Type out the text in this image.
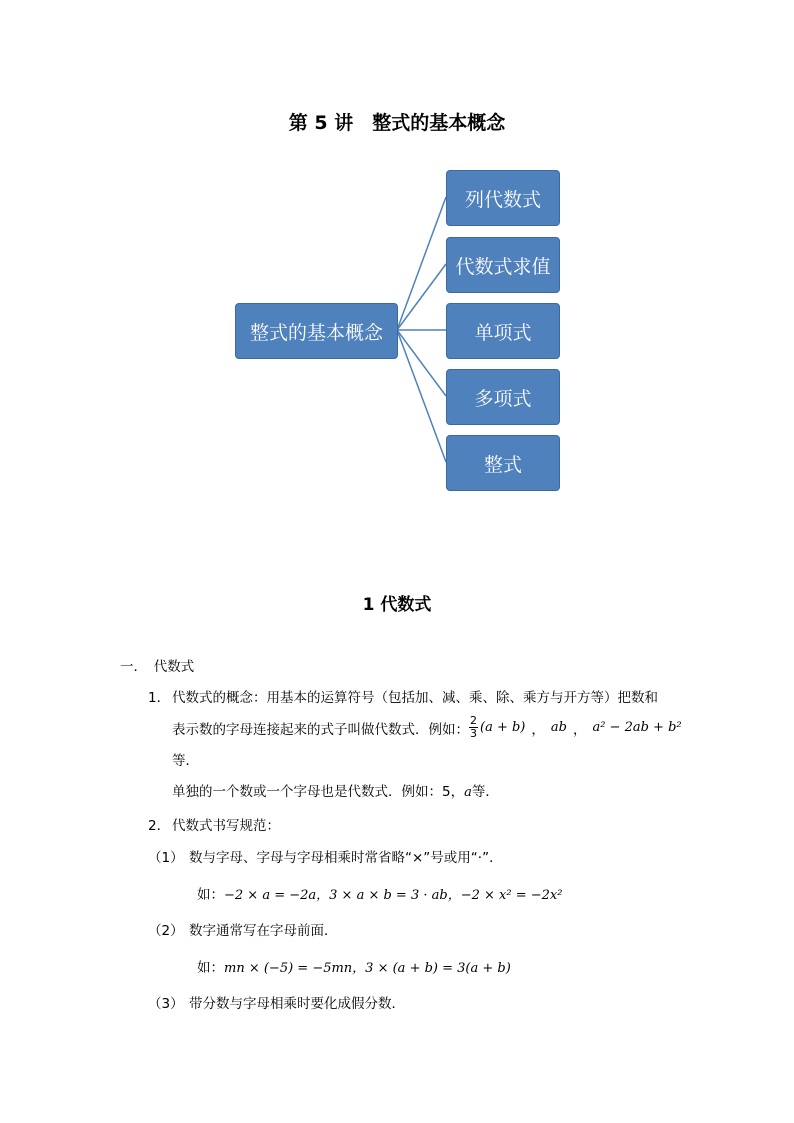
第 5 讲　整式的基本概念
整式的基本概念
列代数式
代数式求值
单项式
多项式
整式
1 代数式
一．　代数式
1． 代数式的概念：用基本的运算符号（包括加、减、乘、除、乘方与开方等）把数和
表示数的字母连接起来的式子叫做代数式．例如： $\frac{2}{3} (a + b)$ ， ab ， a² − 2ab + b²
等．
单独的一个数或一个字母也是代数式．例如：5，a等．
2． 代数式书写规范：
（1） 数与字母、字母与字母相乘时常省略“×”号或用“·”．
如：−2 × a = −2a，3 × a × b = 3 · ab，−2 × x² = −2x²
（2） 数字通常写在字母前面．
如：mn × (−5) = −5mn，3 × (a + b) = 3(a + b)
（3） 带分数与字母相乘时要化成假分数．
